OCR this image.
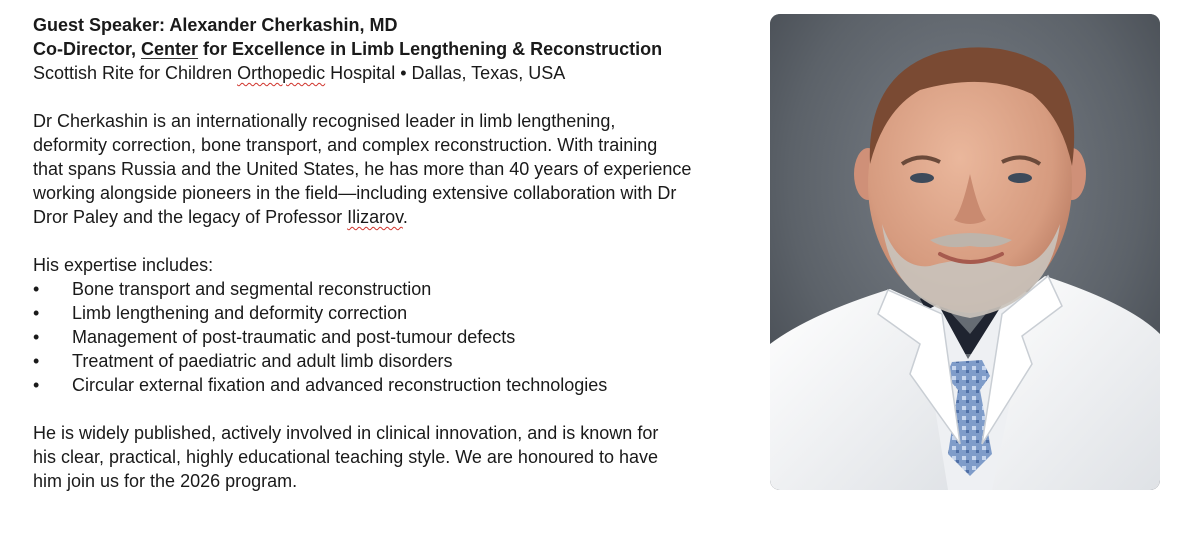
Guest Speaker: Alexander Cherkashin, MD
Co-Director, Center for Excellence in Limb Lengthening & Reconstruction
Scottish Rite for Children Orthopedic Hospital • Dallas, Texas, USA
Dr Cherkashin is an internationally recognised leader in limb lengthening,
deformity correction, bone transport, and complex reconstruction. With training
that spans Russia and the United States, he has more than 40 years of experience
working alongside pioneers in the field—including extensive collaboration with Dr
Dror Paley and the legacy of Professor Ilizarov.
His expertise includes:
• Bone transport and segmental reconstruction
• Limb lengthening and deformity correction
• Management of post-traumatic and post-tumour defects
• Treatment of paediatric and adult limb disorders
• Circular external fixation and advanced reconstruction technologies
He is widely published, actively involved in clinical innovation, and is known for
his clear, practical, highly educational teaching style. We are honoured to have
him join us for the 2026 program.
